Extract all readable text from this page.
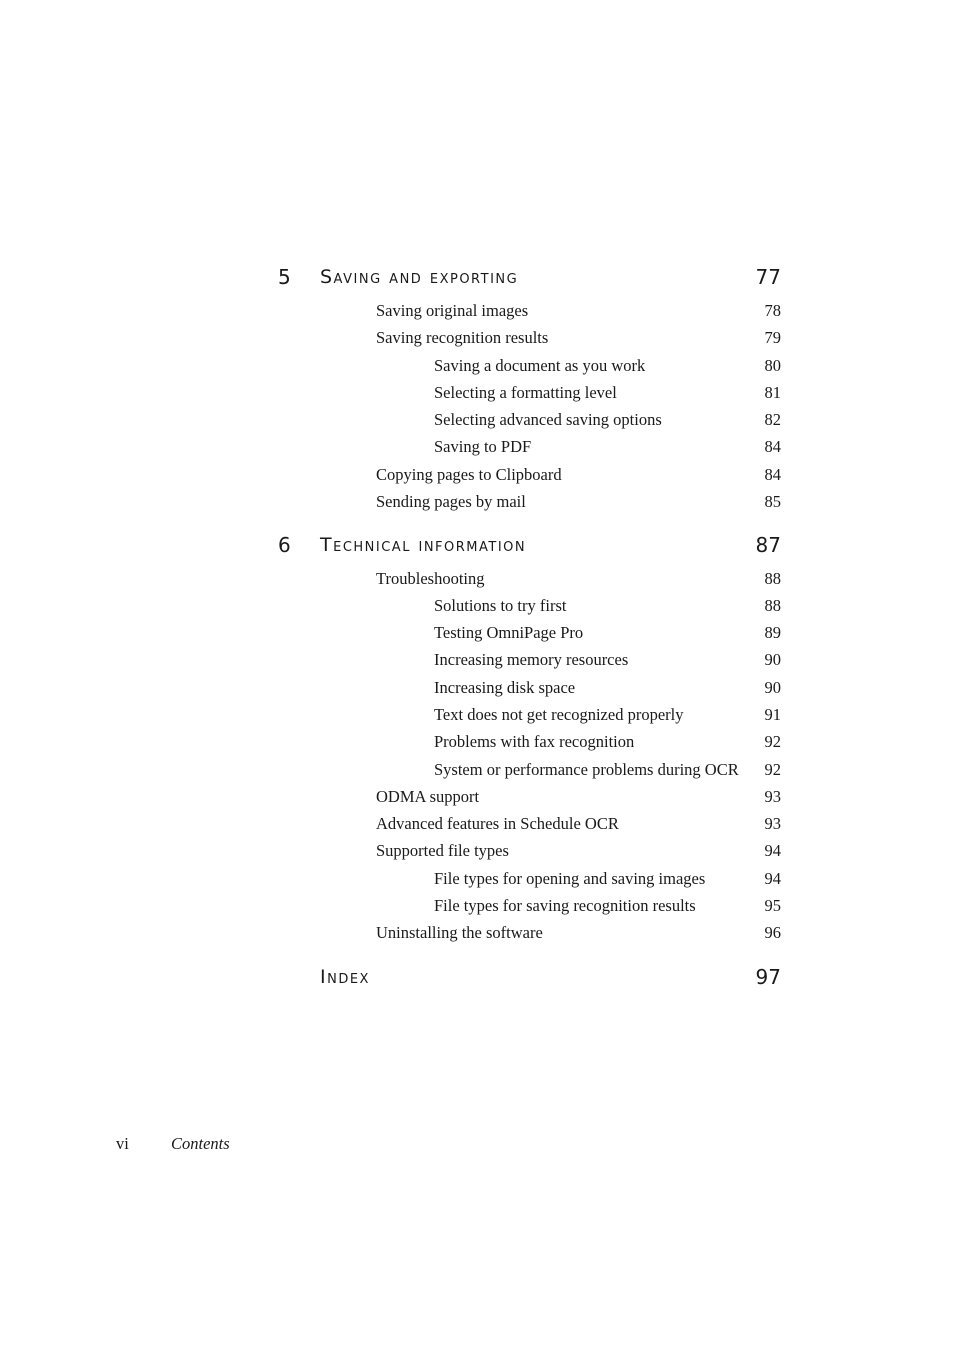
5 Saving and exporting	77
Saving original images	78
Saving recognition results	79
Saving a document as you work	80
Selecting a formatting level	81
Selecting advanced saving options	82
Saving to PDF	84
Copying pages to Clipboard	84
Sending pages by mail	85
6 Technical information	87
Troubleshooting	88
Solutions to try first	88
Testing OmniPage Pro	89
Increasing memory resources	90
Increasing disk space	90
Text does not get recognized properly	91
Problems with fax recognition	92
System or performance problems during OCR 92
ODMA support	93
Advanced features in Schedule OCR	93
Supported file types	94
File types for opening and saving images	94
File types for saving recognition results	95
Uninstalling the software	96
Index	97
vi	Contents
